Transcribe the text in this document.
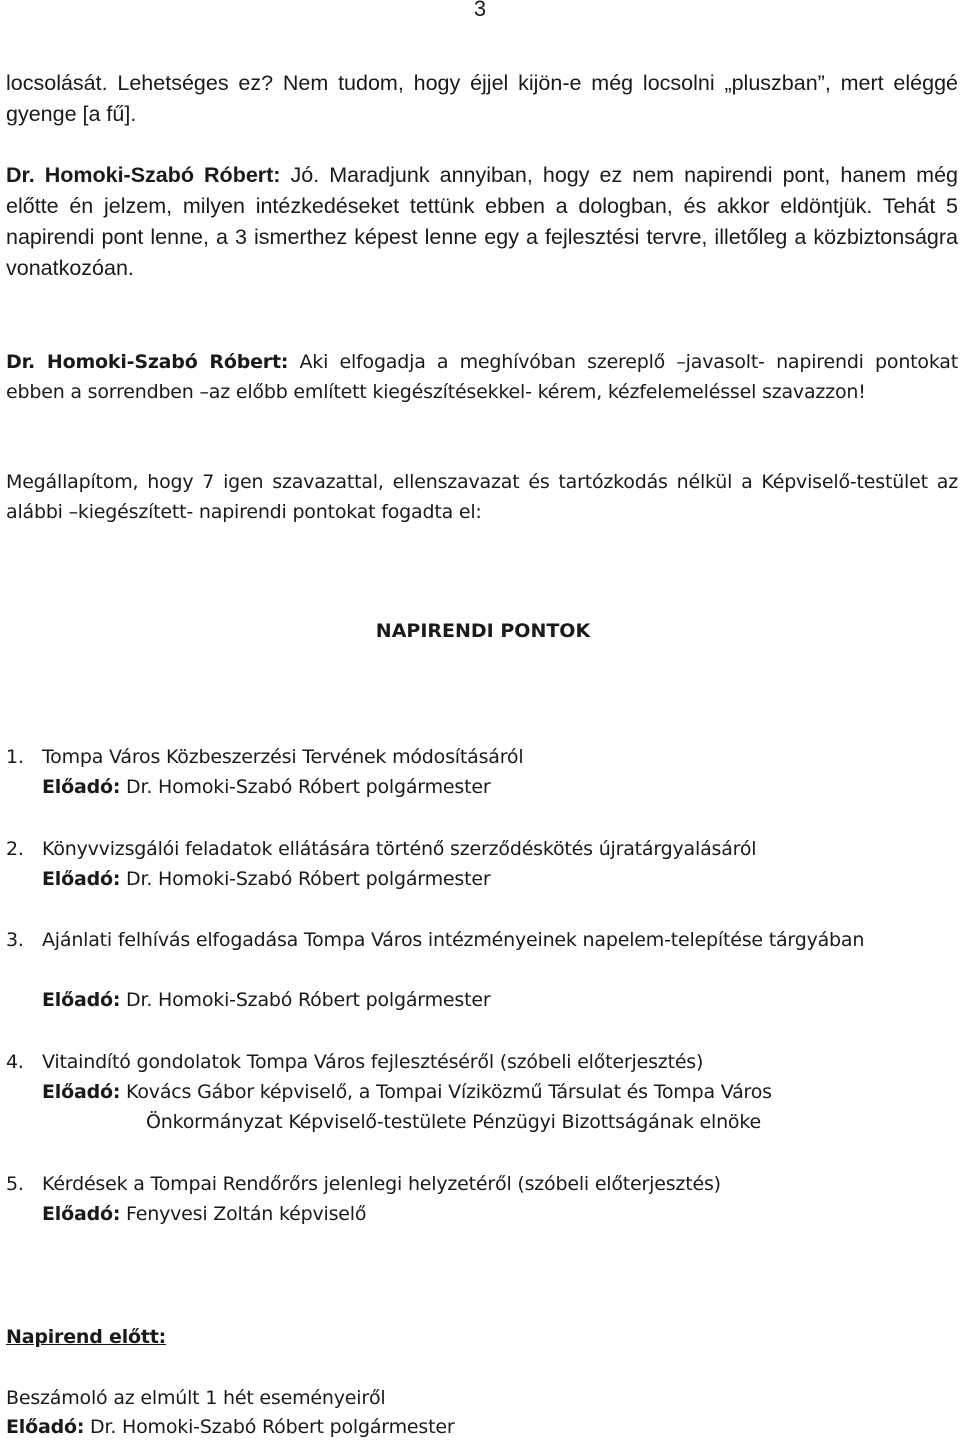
3

locsolását. Lehetséges ez? Nem tudom, hogy éjjel kijön-e még locsolni „pluszban”, mert eléggé gyenge [a fű].

Dr. Homoki-Szabó Róbert: Jó. Maradjunk annyiban, hogy ez nem napirendi pont, hanem még előtte én jelzem, milyen intézkedéseket tettünk ebben a dologban, és akkor eldöntjük. Tehát 5 napirendi pont lenne, a 3 ismerthez képest lenne egy a fejlesztési tervre, illetőleg a közbiztonságra vonatkozóan.

Dr. Homoki-Szabó Róbert: Aki elfogadja a meghívóban szereplő –javasolt- napirendi pontokat ebben a sorrendben –az előbb említett kiegészítésekkel- kérem, kézfelemeléssel szavazzon!

Megállapítom, hogy 7 igen szavazattal, ellenszavazat és tartózkodás nélkül a Képviselő-testület az alábbi –kiegészített- napirendi pontokat fogadta el:

NAPIRENDI PONTOK
1. Tompa Város Közbeszerzési Tervének módosításáról
Előadó: Dr. Homoki-Szabó Róbert polgármester
2. Könyvvizsgálói feladatok ellátására történő szerződéskötés újratárgyalásáról
Előadó: Dr. Homoki-Szabó Róbert polgármester
3. Ajánlati felhívás elfogadása Tompa Város intézményeinek napelem-telepítése tárgyában
Előadó: Dr. Homoki-Szabó Róbert polgármester
4. Vitaindító gondolatok Tompa Város fejlesztéséről (szóbeli előterjesztés)
Előadó: Kovács Gábor képviselő, a Tompai Víziközmű Társulat és Tompa Város
Önkormányzat Képviselő-testülete Pénzügyi Bizottságának elnöke
5. Kérdések a Tompai Rendőrőrs jelenlegi helyzetéről (szóbeli előterjesztés)
Előadó: Fenyvesi Zoltán képviselő
Napirend előtt:
Beszámoló az elmúlt 1 hét eseményeiről
Előadó: Dr. Homoki-Szabó Róbert polgármester
